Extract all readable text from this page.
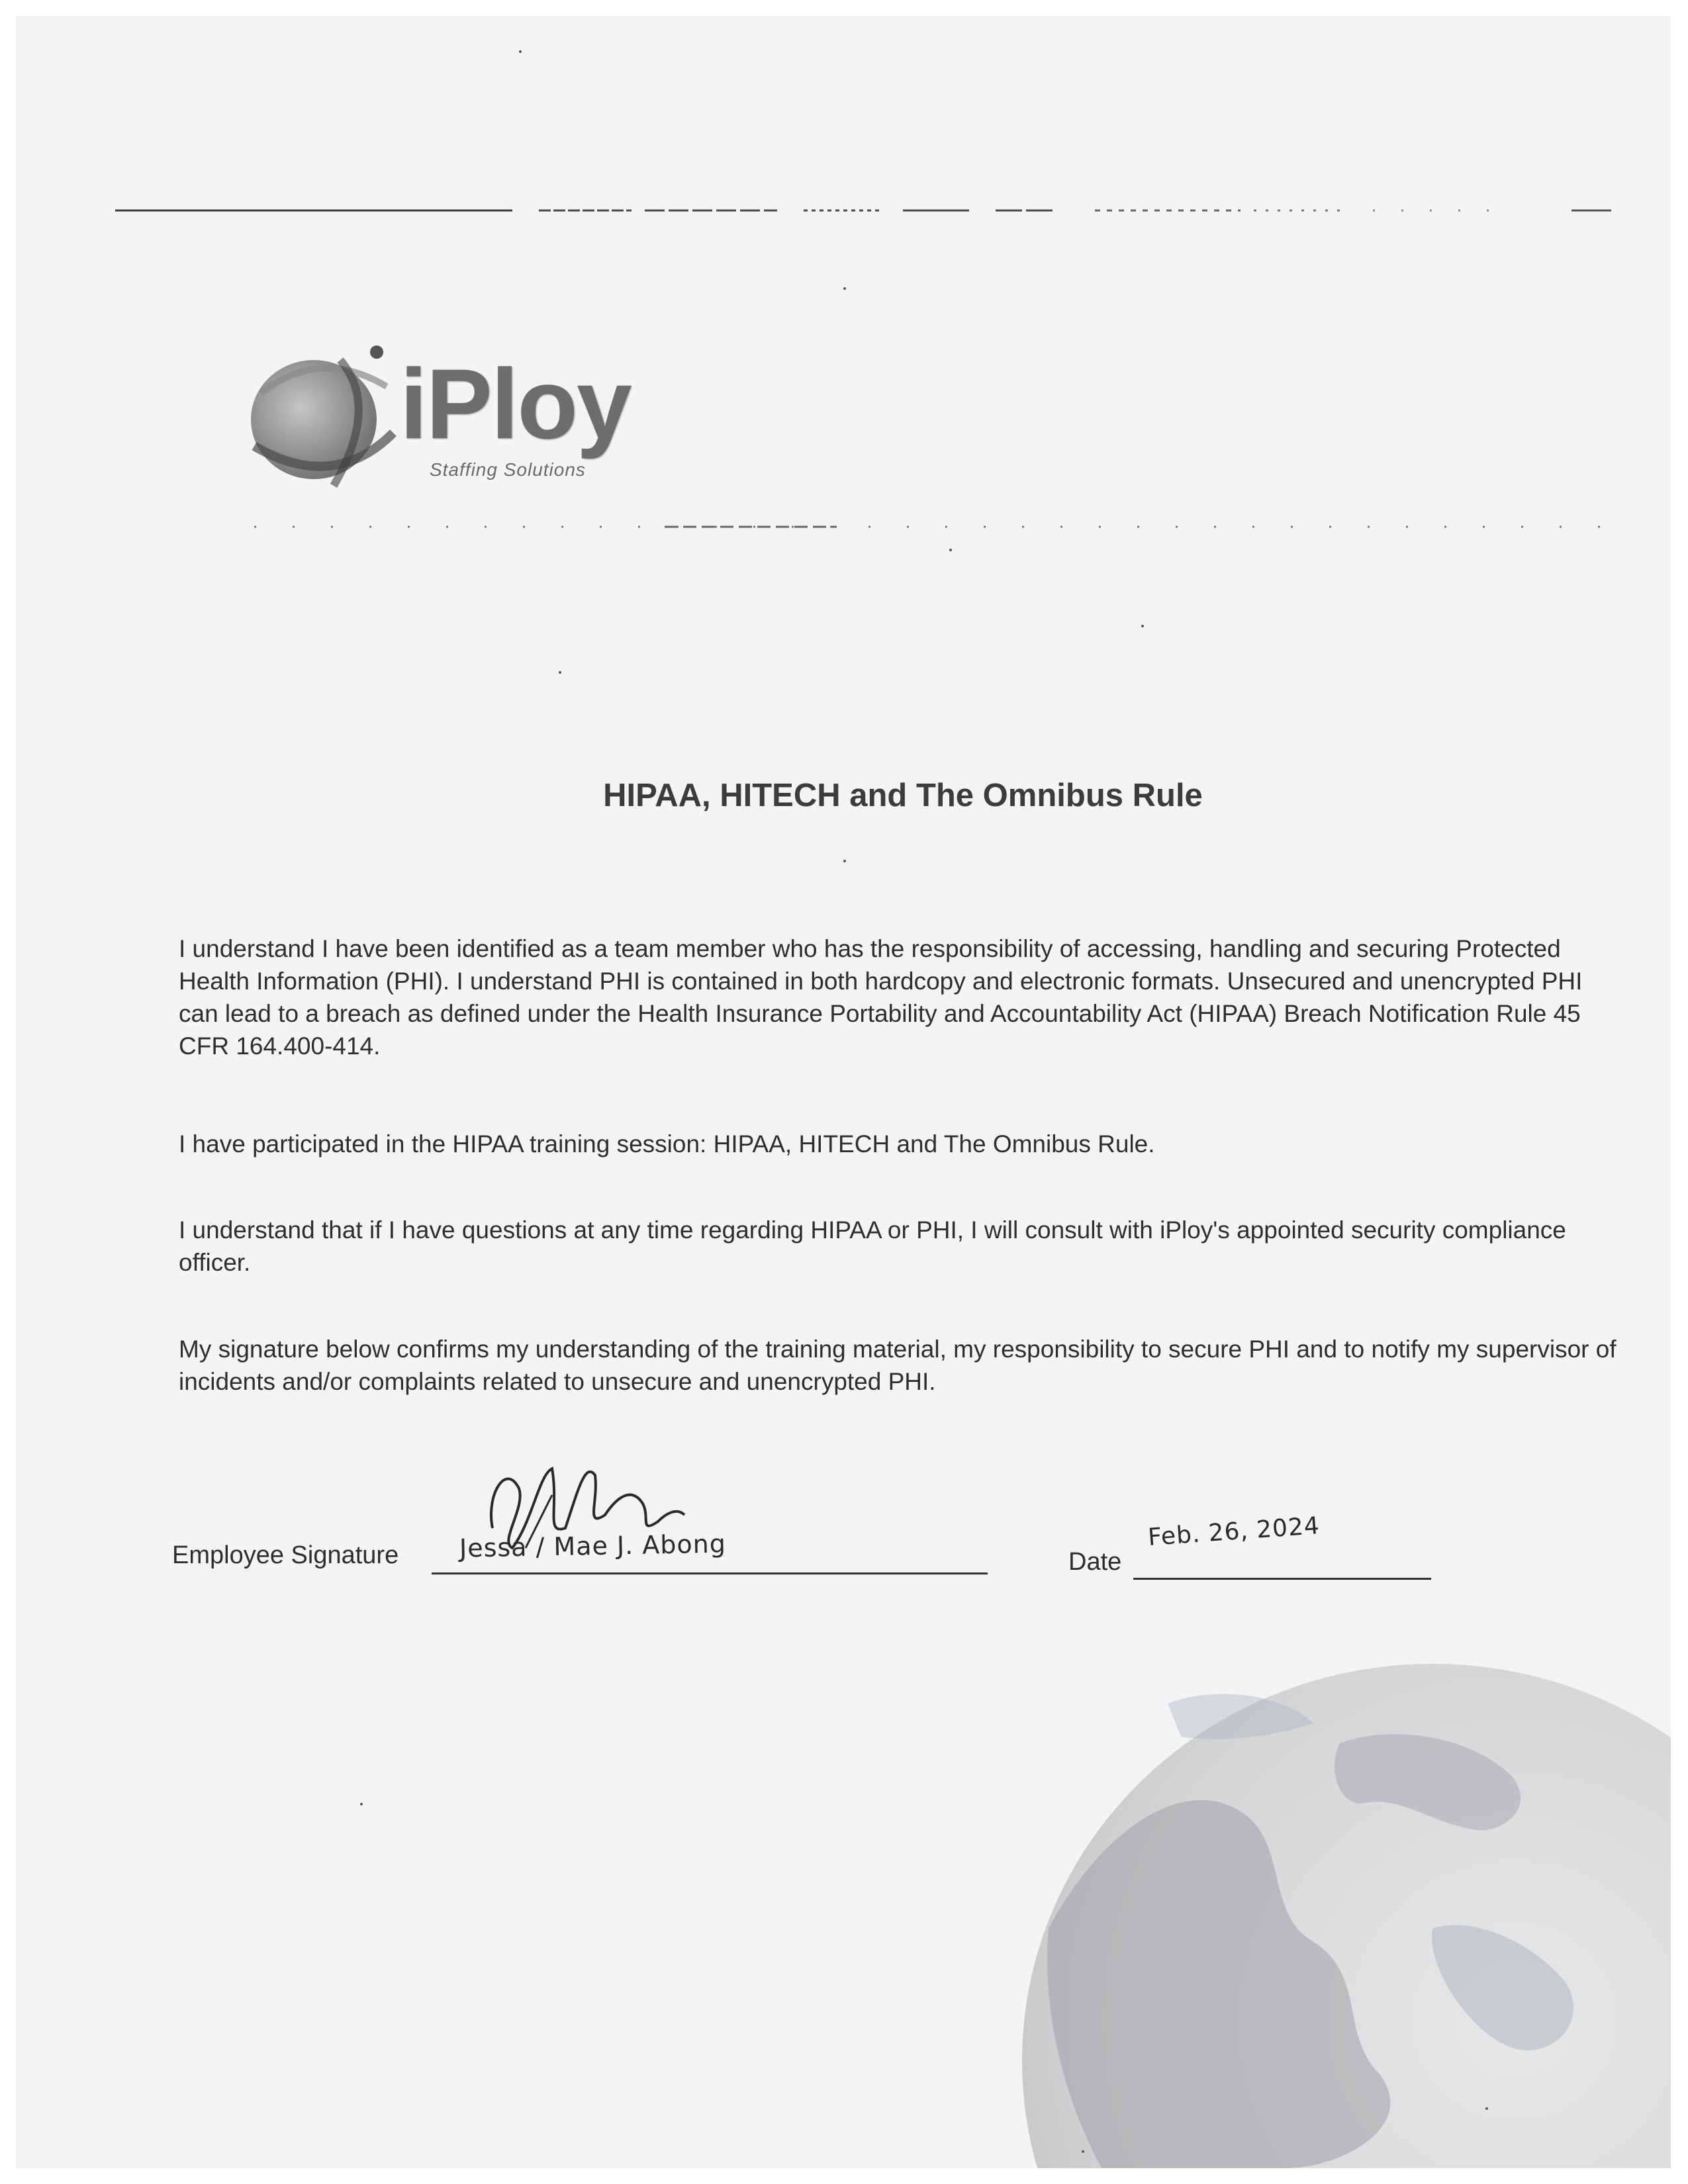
iPloy
Staffing Solutions
HIPAA, HITECH and The Omnibus Rule

I understand I have been identified as a team member who has the responsibility of accessing, handling and securing Protected Health Information (PHI). I understand PHI is contained in both hardcopy and electronic formats. Unsecured and unencrypted PHI can lead to a breach as defined under the Health Insurance Portability and Accountability Act (HIPAA) Breach Notification Rule 45 CFR 164.400-414.

I have participated in the HIPAA training session: HIPAA, HITECH and The Omnibus Rule.

I understand that if I have questions at any time regarding HIPAA or PHI, I will consult with iPloy's appointed security compliance officer.

My signature below confirms my understanding of the training material, my responsibility to secure PHI and to notify my supervisor of incidents and/or complaints related to unsecure and unencrypted PHI.

Employee Signature Jessa / Mae J. Abong	Date
Feb. 26, 2024
